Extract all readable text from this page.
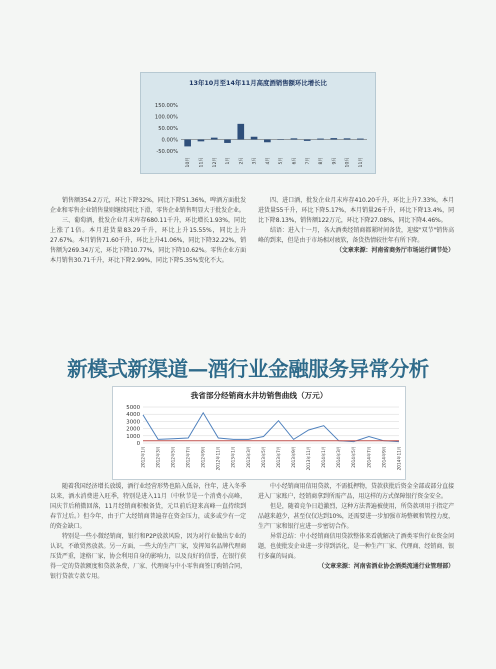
13年10月至14年11月高度酒销售额环比增长比
150.00%
100.00%
50.00%
0.00%
-50.00%
10月	11月	12月	1月	2月	3月	4月	5月	6月	7月	8月	9月	10月	11月

销售额354.2万元，环比下降32%，同比下降51.36%，啤酒方面批发企业和零售企业销售量则继续同比下滑，零售企业销售明显大于批发企业。

三、葡萄酒，批发企业月末库存680.11千升，环比增长1.93%，同比上涨了1倍。本月进货量83.29千升，环比上升15.55%，同比上升27.67%。本月销售71.60千升，环比上升41.06%，同比下降32.22%，销售额为269.34万元，环比下降10.77%，同比下降10.62%。零售企业方面本月销售30.71千升，环比下降2.99%，同比下降5.35%变化不大。

四、进口酒，批发企业月末库存410.20千升，环比上升7.33%，本月进货量55千升，环比下降5.17%，本月销量26千升，环比下降13.4%，同比下降8.13%，销售额122万元，环比下降27.08%，同比下降4.46%。

结语：进入十一月，各大酒类经销商都紧时间备货，迎接"双节"销售高峰的到来，但是由于市场相对疲软，备货热情较往年有所下降。

（文章来源：河南省商务厅市场运行调节处）

新模式新渠道—酒行业金融服务异常分析
我省部分经销商水井坊销售曲线（万元）
5000
4000
3000
2000
1000
0
2012年1月 2012年3月 2012年5月 2012年7月 2012年9月 2012年11月 2013年1月 2013年3月 2013年5月 2013年7月 2013年9月 2013年11月 2014年1月 2014年3月 2014年5月 2014年7月 2014年9月 2014年11月

随着我国经济增长放缓，酒行业经营形势也陷入低谷，往年，进入冬季以来，酒水消费进入旺季，特别是进入11月（中秋节是一个消费小高峰，国庆节后稍微回落，11月经销商积极备货，元旦前后迎来高峰一直持续到春节过后。）但今年，由于广大经销商普遍存在资金压力，或多或少有一定的资金缺口。

特别是一些小微经销商，银行和P2P放款风险，因为对行业做出专业的认识，不敢贸然放款。另一方面，一些大的生产厂家，发挥知名品牌代理商压货严重，迷格厂家，协会利用自身的影响力，以及良好的信誉，在银行获得一定的贷款额度和贷款条费，厂家、代理商与中小零售商签订购销合同，银行贷款专款专用。

中小经销商用信用贷款，不需抵押物，贷款获批后资金全部或部分直接进入厂家账户，经销商拿到所需产品，用这样的方式保障银行资金安全。

但是，随着竞争日趋激烈，这种方法普遍被使用，所贷款项用于指定产品越来越少，甚至仅仅达到10%，还需要进一步加强市场整顿和管控力度，生产厂家和银行应进一步密切合作。

异常总结：中小经销商信用贷款整体来看就解决了酒类零售行业资金问题，也使批发企业进一步得到活化，是一种生产厂家、代理商、经销商、银行多赢的局面。

（文章来源：河南省酒业协会酒类流通行业管理部）
